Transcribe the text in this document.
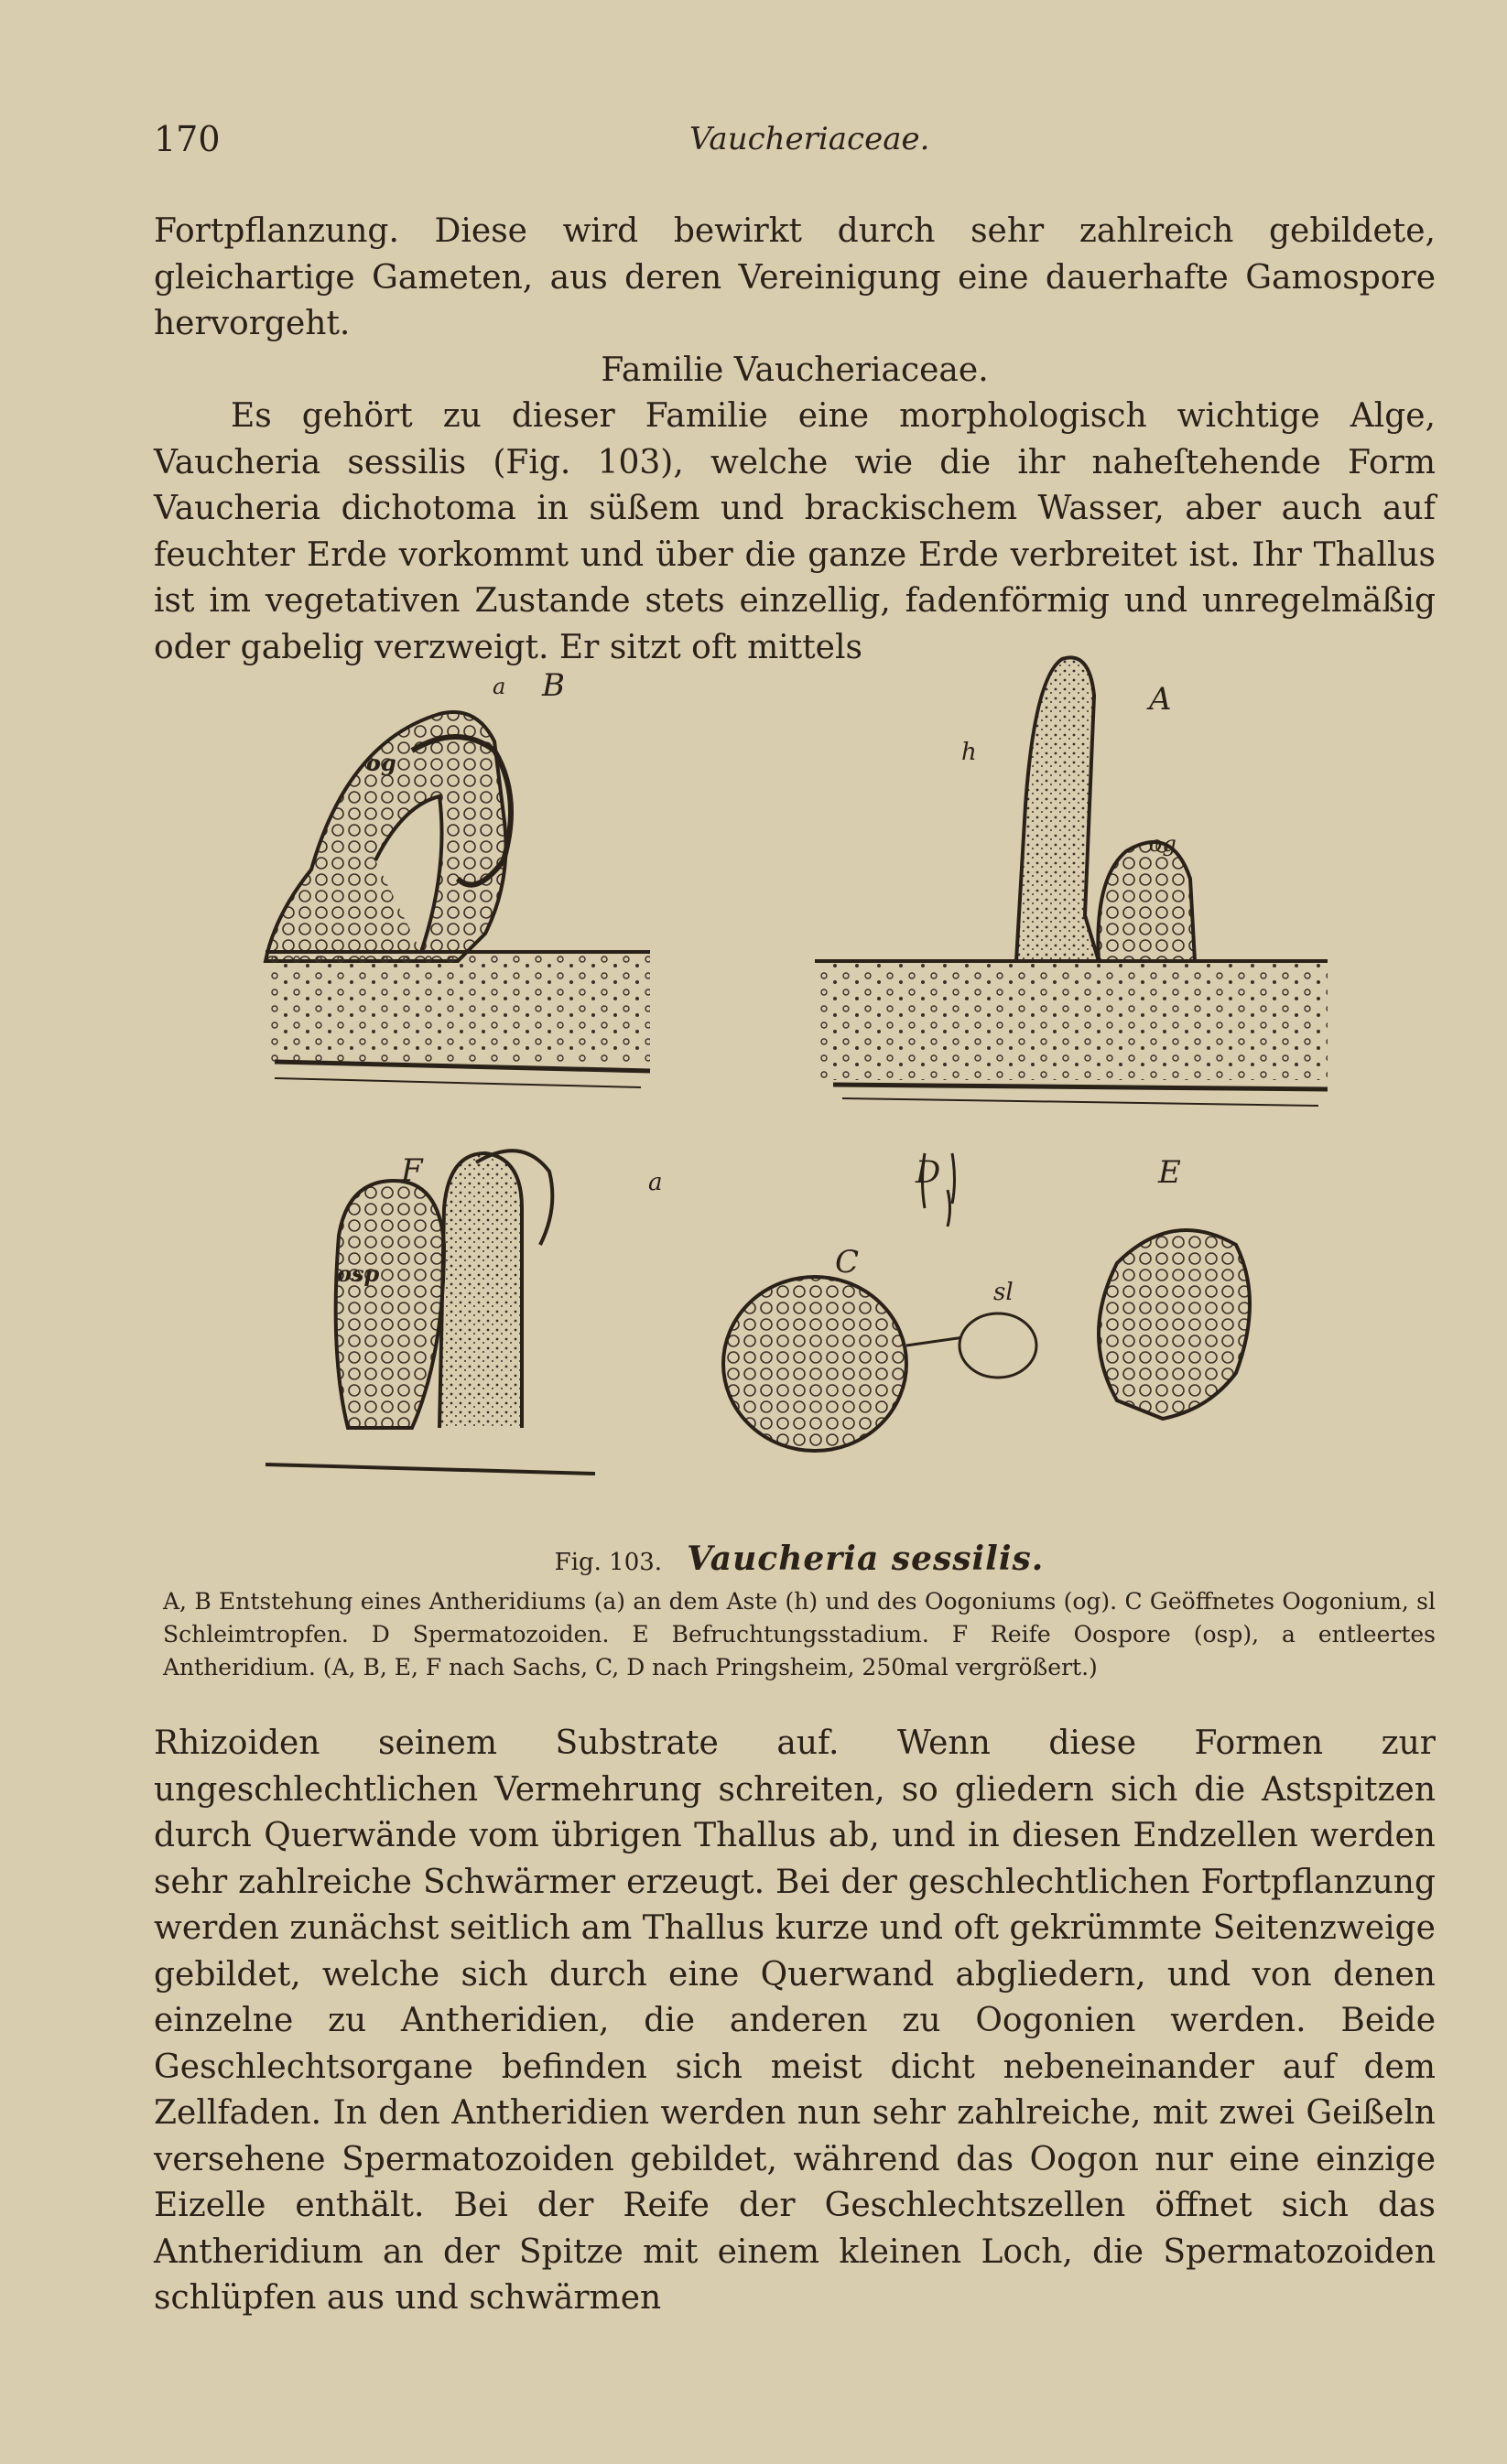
170	Vaucheriaceae.

Fortpflanzung. Diese wird bewirkt durch sehr zahlreich gebildete, gleichartige Gameten, aus deren Vereinigung eine dauerhafte Gamospore hervorgeht.

Familie Vaucheriaceae.

Es gehört zu dieser Familie eine morphologisch wichtige Alge, Vaucheria sessilis (Fig. 103), welche wie die ihr naheſtehende Form Vaucheria dichotoma in süßem und brackischem Wasser, aber auch auf feuchter Erde vorkommt und über die ganze Erde verbreitet ist. Ihr Thallus ist im vegetativen Zustande stets einzellig, fadenförmig und unregelmäßig oder gabelig verzweigt. Er sitzt oft mittels

B
a
og
A
h
og
F	a
osp
D
C
sl
E

Fig. 103. Vaucheria sessilis.

A, B Entstehung eines Antheridiums (a) an dem Aste (h) und des Oogoniums (og). C Geöffnetes Oogonium, sl Schleimtropfen. D Spermatozoiden. E Befruchtungsstadium. F Reife Oospore (osp), a entleertes Antheridium. (A, B, E, F nach Sachs, C, D nach Pringsheim, 250mal vergrößert.)

Rhizoiden seinem Substrate auf. Wenn diese Formen zur ungeschlechtlichen Vermehrung schreiten, so gliedern sich die Astspitzen durch Querwände vom übrigen Thallus ab, und in diesen Endzellen werden sehr zahlreiche Schwärmer erzeugt. Bei der geschlechtlichen Fortpflanzung werden zunächst seitlich am Thallus kurze und oft gekrümmte Seitenzweige gebildet, welche sich durch eine Querwand abgliedern, und von denen einzelne zu Antheridien, die anderen zu Oogonien werden. Beide Geschlechtsorgane befinden sich meist dicht nebeneinander auf dem Zellfaden. In den Antheridien werden nun sehr zahlreiche, mit zwei Geißeln versehene Spermatozoiden gebildet, während das Oogon nur eine einzige Eizelle enthält. Bei der Reife der Geschlechtszellen öffnet sich das Antheridium an der Spitze mit einem kleinen Loch, die Spermatozoiden schlüpfen aus und schwärmen
